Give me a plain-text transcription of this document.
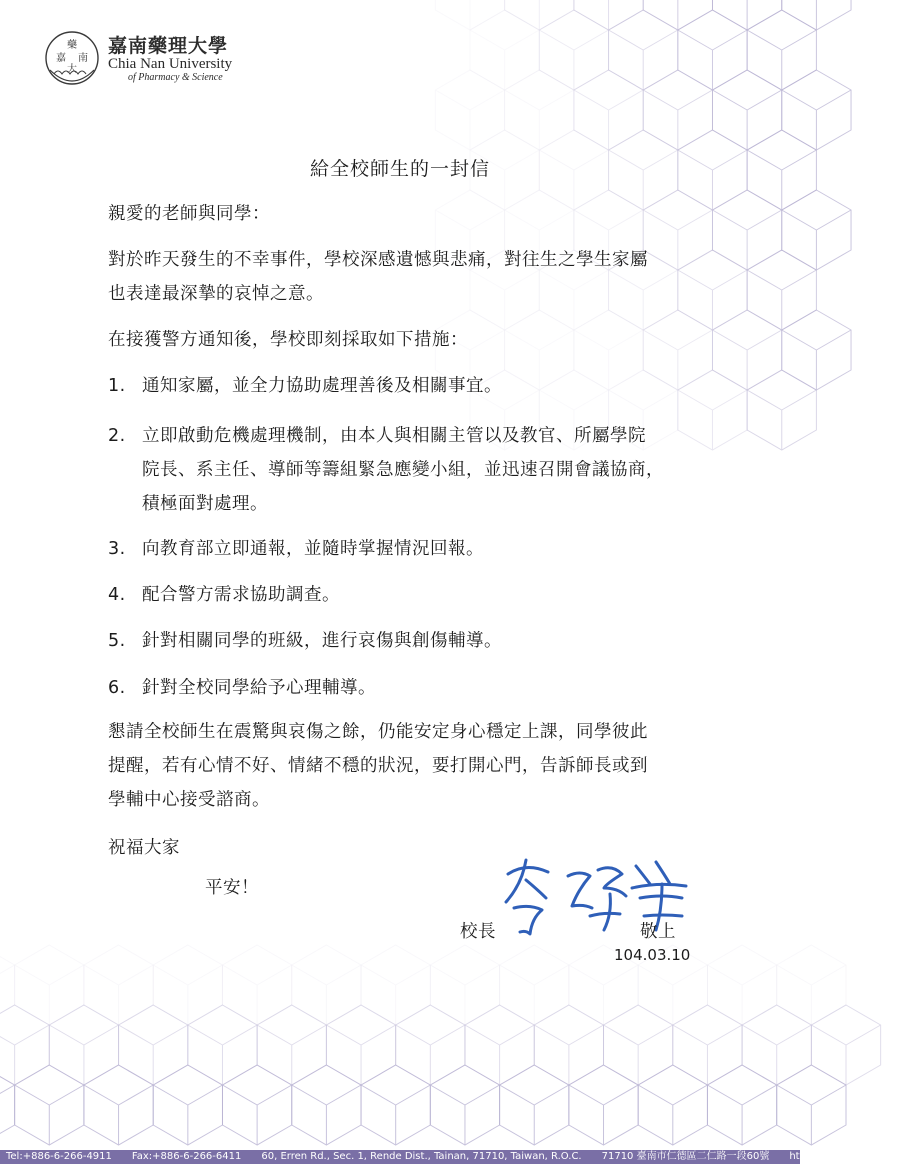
藥
嘉 南
大
嘉南藥理大學
Chia Nan University
of Pharmacy & Science
給全校師生的一封信
親愛的老師與同學：
對於昨天發生的不幸事件，學校深感遺憾與悲痛，對往生之學生家屬
也表達最深摯的哀悼之意。
在接獲警方通知後，學校即刻採取如下措施：
1. 通知家屬，並全力協助處理善後及相關事宜。
2. 立即啟動危機處理機制，由本人與相關主管以及教官、所屬學院
院長、系主任、導師等籌組緊急應變小組，並迅速召開會議協商，
積極面對處理。
3. 向教育部立即通報，並隨時掌握情況回報。
4. 配合警方需求協助調查。
5. 針對相關同學的班級，進行哀傷與創傷輔導。
6. 針對全校同學給予心理輔導。
懇請全校師生在震驚與哀傷之餘，仍能安定身心穩定上課，同學彼此
提醒，若有心情不好、情緒不穩的狀況，要打開心門，告訴師長或到
學輔中心接受諮商。
祝福大家
平安！
校長	敬上
104.03.10
Tel:+886-6-266-4911 Fax:+886-6-266-6411 60, Erren Rd., Sec. 1, Rende Dist., Tainan, 71710, Taiwan, R.O.C. 71710 臺南市仁德區二仁路一段60號 http://www.cnu.edu.tw
